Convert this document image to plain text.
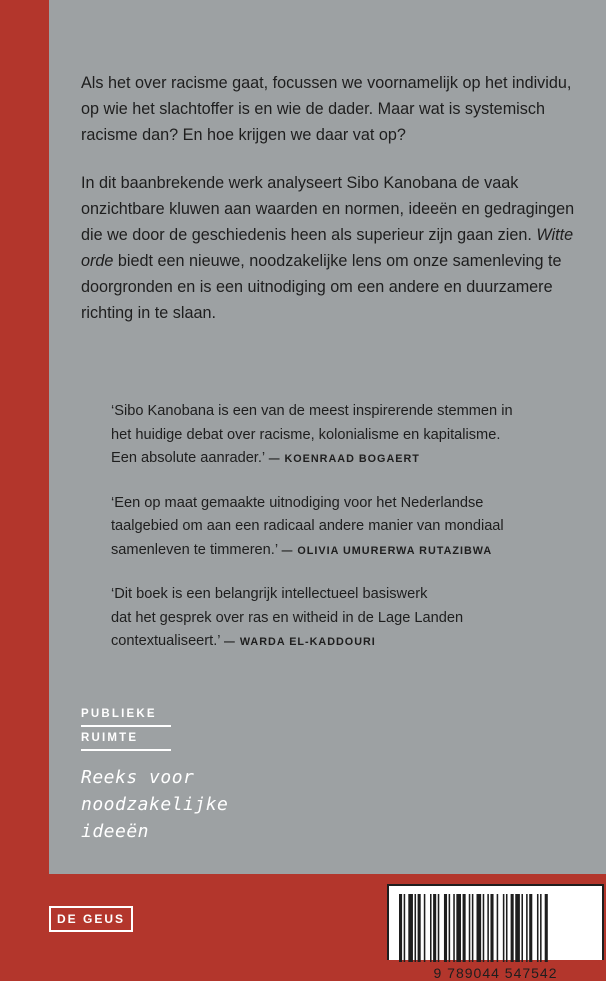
Als het over racisme gaat, focussen we voornamelijk op het individu, op wie het slachtoffer is en wie de dader. Maar wat is systemisch racisme dan? En hoe krijgen we daar vat op?

In dit baanbrekende werk analyseert Sibo Kanobana de vaak onzichtbare kluwen aan waarden en normen, ideeën en gedragingen die we door de geschiedenis heen als superieur zijn gaan zien. Witte orde biedt een nieuwe, noodzakelijke lens om onze samenleving te doorgronden en is een uitnodiging om een andere en duurzamere richting in te slaan.

‘Sibo Kanobana is een van de meest inspirerende stemmen in
het huidige debat over racisme, kolonialisme en kapitalisme.
Een absolute aanrader.’ — KOENRAAD BOGAERT
‘Een op maat gemaakte uitnodiging voor het Nederlandse
taalgebied om aan een radicaal andere manier van mondiaal
samenleven te timmeren.’ — OLIVIA UMURERWA RUTAZIBWA
‘Dit boek is een belangrijk intellectueel basiswerk
dat het gesprek over ras en witheid in de Lage Landen
contextualiseert.’ — WARDA EL-KADDOURI
PUBLIEKE
RUIMTE
Reeks voor
noodzakelijke
ideeën
9 789044 547542
DE GEUS
